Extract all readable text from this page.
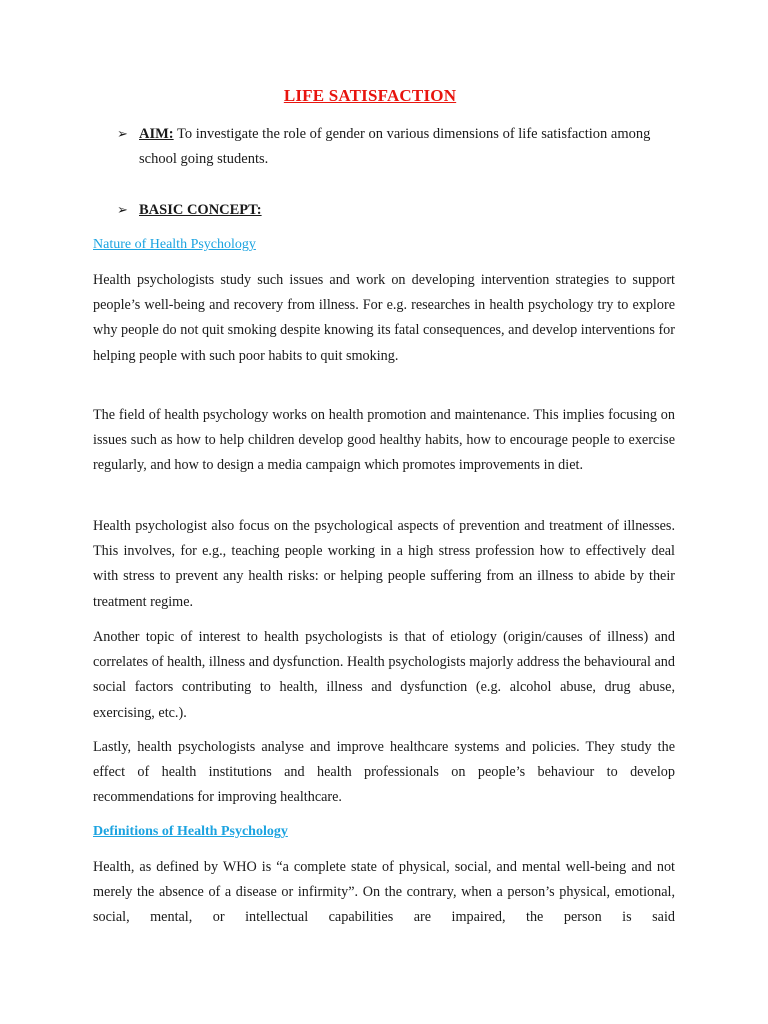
LIFE SATISFACTION
➢ AIM: To investigate the role of gender on various dimensions of life satisfaction among school going students.
➢ BASIC CONCEPT:
Nature of Health Psychology

Health psychologists study such issues and work on developing intervention strategies to support people’s well-being and recovery from illness. For e.g. researches in health psychology try to explore why people do not quit smoking despite knowing its fatal consequences, and develop interventions for helping people with such poor habits to quit smoking.

The field of health psychology works on health promotion and maintenance. This implies focusing on issues such as how to help children develop good healthy habits, how to encourage people to exercise regularly, and how to design a media campaign which promotes improvements in diet.

Health psychologist also focus on the psychological aspects of prevention and treatment of illnesses. This involves, for e.g., teaching people working in a high stress profession how to effectively deal with stress to prevent any health risks: or helping people suffering from an illness to abide by their treatment regime.

Another topic of interest to health psychologists is that of etiology (origin/causes of illness) and correlates of health, illness and dysfunction. Health psychologists majorly address the behavioural and social factors contributing to health, illness and dysfunction (e.g. alcohol abuse, drug abuse, exercising, etc.).

Lastly, health psychologists analyse and improve healthcare systems and policies. They study the effect of health institutions and health professionals on people’s behaviour to develop recommendations for improving healthcare.

Definitions of Health Psychology

Health, as defined by WHO is “a complete state of physical, social, and mental well-being and not merely the absence of a disease or infirmity”. On the contrary, when a person’s physical, emotional, social, mental, or intellectual capabilities are impaired, the person is said
